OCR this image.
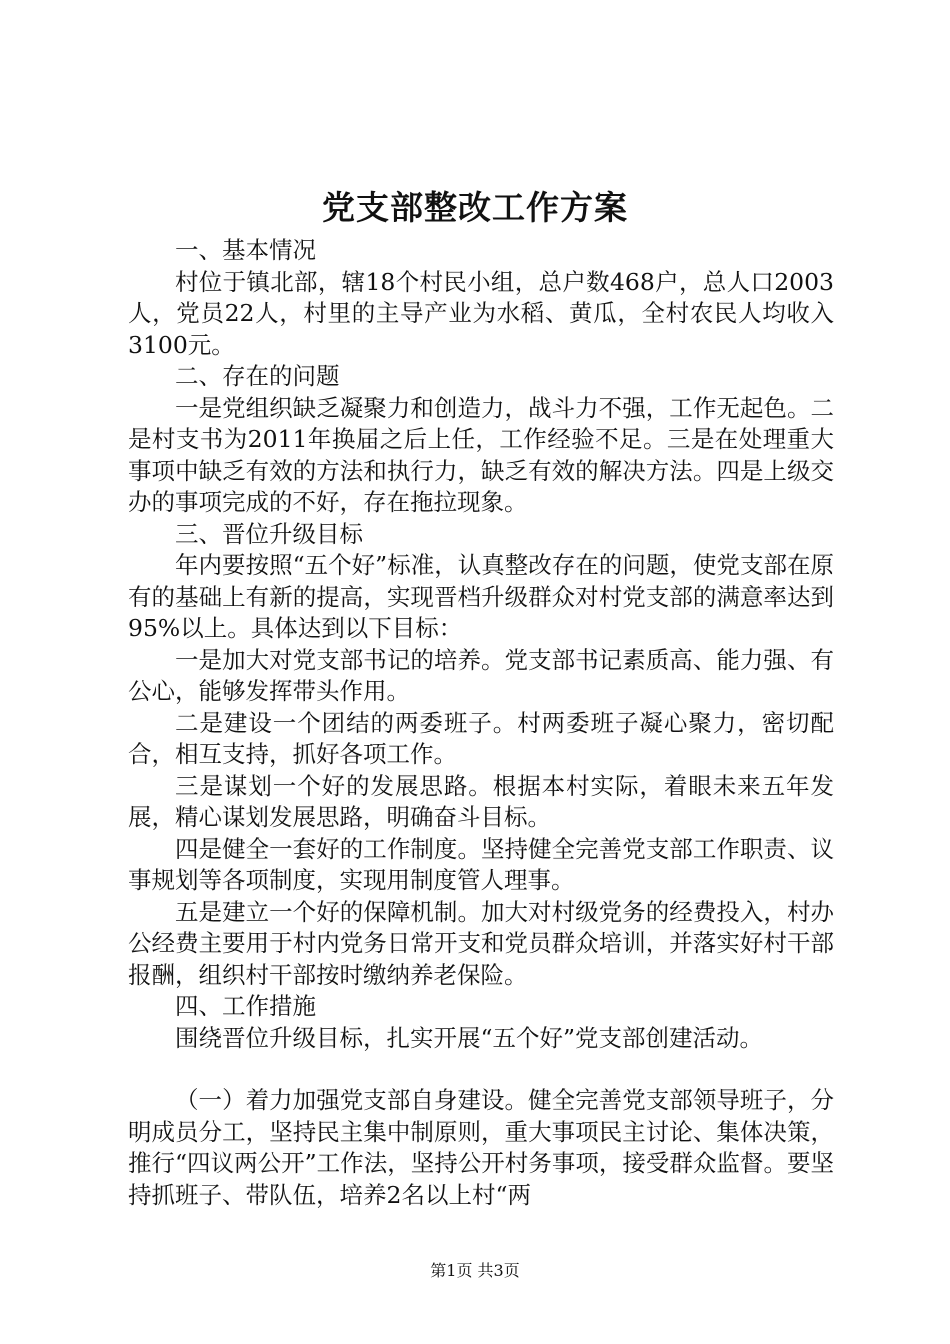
党支部整改工作方案

一、基本情况

村位于镇北部，辖18个村民小组，总户数468户，总人口2003人，党员22人，村里的主导产业为水稻、黄瓜，全村农民人均收入3100元。

二、存在的问题

一是党组织缺乏凝聚力和创造力，战斗力不强，工作无起色。二是村支书为2011年换届之后上任，工作经验不足。三是在处理重大事项中缺乏有效的方法和执行力，缺乏有效的解决方法。四是上级交办的事项完成的不好，存在拖拉现象。

三、晋位升级目标

年内要按照“五个好”标准，认真整改存在的问题，使党支部在原有的基础上有新的提高，实现晋档升级群众对村党支部的满意率达到95%以上。具体达到以下目标：

一是加大对党支部书记的培养。党支部书记素质高、能力强、有公心，能够发挥带头作用。

二是建设一个团结的两委班子。村两委班子凝心聚力，密切配合，相互支持，抓好各项工作。

三是谋划一个好的发展思路。根据本村实际，着眼未来五年发展，精心谋划发展思路，明确奋斗目标。

四是健全一套好的工作制度。坚持健全完善党支部工作职责、议事规划等各项制度，实现用制度管人理事。

五是建立一个好的保障机制。加大对村级党务的经费投入，村办公经费主要用于村内党务日常开支和党员群众培训，并落实好村干部报酬，组织村干部按时缴纳养老保险。

四、工作措施

围绕晋位升级目标，扎实开展“五个好”党支部创建活动。

（一）着力加强党支部自身建设。健全完善党支部领导班子，分明成员分工，坚持民主集中制原则，重大事项民主讨论、集体决策，推行“四议两公开”工作法，坚持公开村务事项，接受群众监督。要坚持抓班子、带队伍，培养2名以上村“两

第1页 共3页
